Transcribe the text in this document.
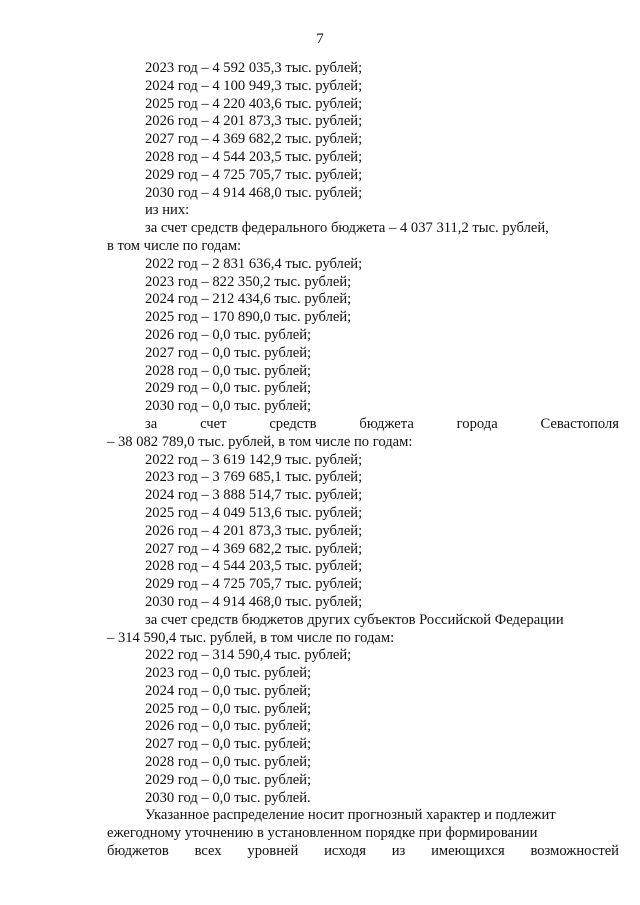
7
2023 год – 4 592 035,3 тыс. рублей;
2024 год – 4 100 949,3 тыс. рублей;
2025 год – 4 220 403,6 тыс. рублей;
2026 год – 4 201 873,3 тыс. рублей;
2027 год – 4 369 682,2 тыс. рублей;
2028 год – 4 544 203,5 тыс. рублей;
2029 год – 4 725 705,7 тыс. рублей;
2030 год – 4 914 468,0 тыс. рублей;
из них:
за счет средств федерального бюджета – 4 037 311,2 тыс. рублей,
в том числе по годам:
2022 год – 2 831 636,4 тыс. рублей;
2023 год – 822 350,2 тыс. рублей;
2024 год – 212 434,6 тыс. рублей;
2025 год – 170 890,0 тыс. рублей;
2026 год – 0,0 тыс. рублей;
2027 год – 0,0 тыс. рублей;
2028 год – 0,0 тыс. рублей;
2029 год – 0,0 тыс. рублей;
2030 год – 0,0 тыс. рублей;
за	счет	средств	бюджета	города	Севастополя
– 38 082 789,0 тыс. рублей, в том числе по годам:
2022 год – 3 619 142,9 тыс. рублей;
2023 год – 3 769 685,1 тыс. рублей;
2024 год – 3 888 514,7 тыс. рублей;
2025 год – 4 049 513,6 тыс. рублей;
2026 год – 4 201 873,3 тыс. рублей;
2027 год – 4 369 682,2 тыс. рублей;
2028 год – 4 544 203,5 тыс. рублей;
2029 год – 4 725 705,7 тыс. рублей;
2030 год – 4 914 468,0 тыс. рублей;
за счет средств бюджетов других субъектов Российской Федерации
– 314 590,4 тыс. рублей, в том числе по годам:
2022 год – 314 590,4 тыс. рублей;
2023 год – 0,0 тыс. рублей;
2024 год – 0,0 тыс. рублей;
2025 год – 0,0 тыс. рублей;
2026 год – 0,0 тыс. рублей;
2027 год – 0,0 тыс. рублей;
2028 год – 0,0 тыс. рублей;
2029 год – 0,0 тыс. рублей;
2030 год – 0,0 тыс. рублей.
Указанное распределение носит прогнозный характер и подлежит
ежегодному уточнению в установленном порядке при формировании
бюджетов всех уровней исходя из имеющихся возможностей
